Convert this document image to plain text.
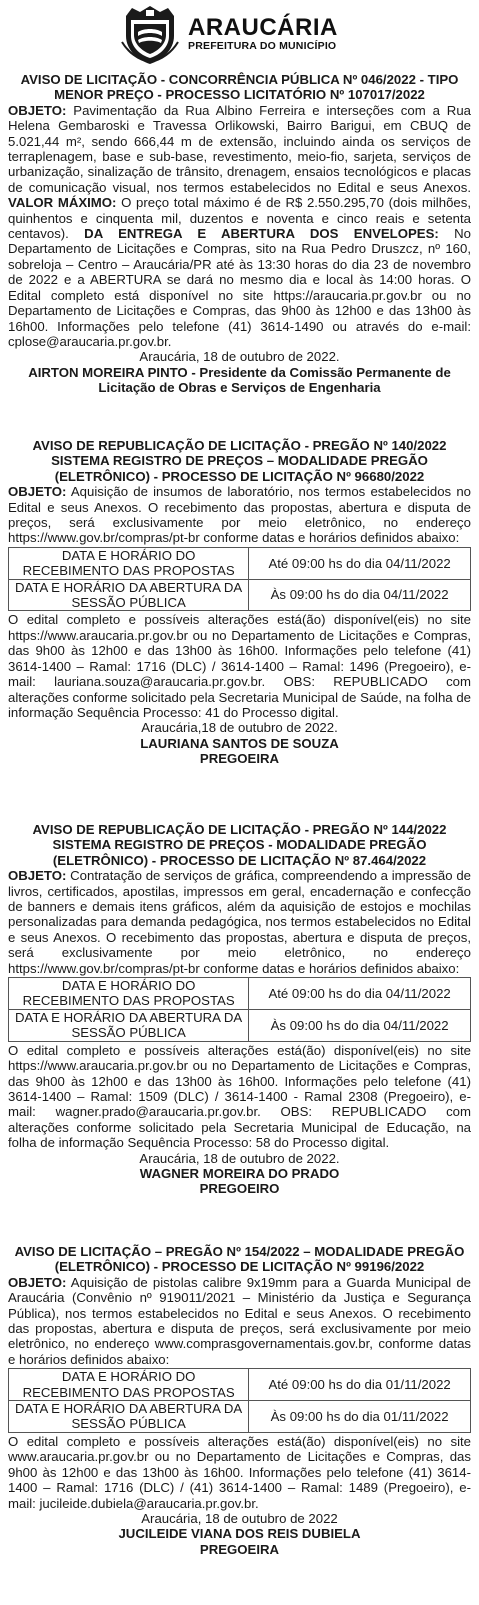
ARAUCÁRIA
PREFEITURA DO MUNICÍPIO
AVISO DE LICITAÇÃO - CONCORRÊNCIA PÚBLICA Nº 046/2022 - TIPO MENOR PREÇO - PROCESSO LICITATÓRIO Nº 107017/2022
OBJETO: Pavimentação da Rua Albino Ferreira e interseções com a Rua Helena Gembaroski e Travessa Orlikowski, Bairro Barigui, em CBUQ de 5.021,44 m², sendo 666,44 m de extensão, incluindo ainda os serviços de terraplenagem, base e sub-base, revestimento, meio-fio, sarjeta, serviços de urbanização, sinalização de trânsito, drenagem, ensaios tecnológicos e placas de comunicação visual, nos termos estabelecidos no Edital e seus Anexos. VALOR MÁXIMO: O preço total máximo é de R$ 2.550.295,70 (dois milhões, quinhentos e cinquenta mil, duzentos e noventa e cinco reais e setenta centavos). DA ENTREGA E ABERTURA DOS ENVELOPES: No Departamento de Licitações e Compras, sito na Rua Pedro Druszcz, nº 160, sobreloja – Centro – Araucária/PR até às 13:30 horas do dia 23 de novembro de 2022 e a ABERTURA se dará no mesmo dia e local às 14:00 horas. O Edital completo está disponível no site https://araucaria.pr.gov.br ou no Departamento de Licitações e Compras, das 9h00 às 12h00 e das 13h00 às 16h00. Informações pelo telefone (41) 3614-1490 ou através do e-mail: cplose@araucaria.pr.gov.br.
Araucária, 18 de outubro de 2022.
AIRTON MOREIRA PINTO - Presidente da Comissão Permanente de Licitação de Obras e Serviços de Engenharia
AVISO DE REPUBLICAÇÃO DE LICITAÇÃO - PREGÃO Nº 140/2022 SISTEMA REGISTRO DE PREÇOS – MODALIDADE PREGÃO (ELETRÔNICO) - PROCESSO DE LICITAÇÃO Nº 96680/2022
OBJETO: Aquisição de insumos de laboratório, nos termos estabelecidos no Edital e seus Anexos. O recebimento das propostas, abertura e disputa de preços, será exclusivamente por meio eletrônico, no endereço https://www.gov.br/compras/pt-br conforme datas e horários definidos abaixo:
DATA E HORÁRIO DO RECEBIMENTO DAS PROPOSTAS	Até 09:00 hs do dia 04/11/2022
DATA E HORÁRIO DA ABERTURA DA SESSÃO PÚBLICA	Às 09:00 hs do dia 04/11/2022
O edital completo e possíveis alterações está(ão) disponível(eis) no site https://www.araucaria.pr.gov.br ou no Departamento de Licitações e Compras, das 9h00 às 12h00 e das 13h00 às 16h00. Informações pelo telefone (41) 3614-1400 – Ramal: 1716 (DLC) / 3614-1400 – Ramal: 1496 (Pregoeiro), e-mail: lauriana.souza@araucaria.pr.gov.br. OBS: REPUBLICADO com alterações conforme solicitado pela Secretaria Municipal de Saúde, na folha de informação Sequência Processo: 41 do Processo digital.
Araucária,18 de outubro de 2022.
LAURIANA SANTOS DE SOUZA
PREGOEIRA
AVISO DE REPUBLICAÇÃO DE LICITAÇÃO - PREGÃO Nº 144/2022 SISTEMA REGISTRO DE PREÇOS - MODALIDADE PREGÃO (ELETRÔNICO) - PROCESSO DE LICITAÇÃO Nº 87.464/2022
OBJETO: Contratação de serviços de gráfica, compreendendo a impressão de livros, certificados, apostilas, impressos em geral, encadernação e confecção de banners e demais itens gráficos, além da aquisição de estojos e mochilas personalizadas para demanda pedagógica, nos termos estabelecidos no Edital e seus Anexos. O recebimento das propostas, abertura e disputa de preços, será exclusivamente por meio eletrônico, no endereço https://www.gov.br/compras/pt-br conforme datas e horários definidos abaixo:
DATA E HORÁRIO DO RECEBIMENTO DAS PROPOSTAS	Até 09:00 hs do dia 04/11/2022
DATA E HORÁRIO DA ABERTURA DA SESSÃO PÚBLICA	Às 09:00 hs do dia 04/11/2022
O edital completo e possíveis alterações está(ão) disponível(eis) no site https://www.araucaria.pr.gov.br ou no Departamento de Licitações e Compras, das 9h00 às 12h00 e das 13h00 às 16h00. Informações pelo telefone (41) 3614-1400 – Ramal: 1509 (DLC) / 3614-1400 - Ramal 2308 (Pregoeiro), e-mail: wagner.prado@araucaria.pr.gov.br. OBS: REPUBLICADO com alterações conforme solicitado pela Secretaria Municipal de Educação, na folha de informação Sequência Processo: 58 do Processo digital.
Araucária, 18 de outubro de 2022.
WAGNER MOREIRA DO PRADO
PREGOEIRO
AVISO DE LICITAÇÃO – PREGÃO Nº 154/2022 – MODALIDADE PREGÃO (ELETRÔNICO) - PROCESSO DE LICITAÇÃO Nº 99196/2022
OBJETO: Aquisição de pistolas calibre 9x19mm para a Guarda Municipal de Araucária (Convênio nº 919011/2021 – Ministério da Justiça e Segurança Pública), nos termos estabelecidos no Edital e seus Anexos. O recebimento das propostas, abertura e disputa de preços, será exclusivamente por meio eletrônico, no endereço www.comprasgovernamentais.gov.br, conforme datas e horários definidos abaixo:
DATA E HORÁRIO DO RECEBIMENTO DAS PROPOSTAS	Até 09:00 hs do dia 01/11/2022
DATA E HORÁRIO DA ABERTURA DA SESSÃO PÚBLICA	Às 09:00 hs do dia 01/11/2022
O edital completo e possíveis alterações está(ão) disponível(eis) no site www.araucaria.pr.gov.br ou no Departamento de Licitações e Compras, das 9h00 às 12h00 e das 13h00 às 16h00. Informações pelo telefone (41) 3614-1400 – Ramal: 1716 (DLC) / (41) 3614-1400 – Ramal: 1489 (Pregoeiro), e-mail: jucileide.dubiela@araucaria.pr.gov.br.
Araucária, 18 de outubro de 2022
JUCILEIDE VIANA DOS REIS DUBIELA
PREGOEIRA
